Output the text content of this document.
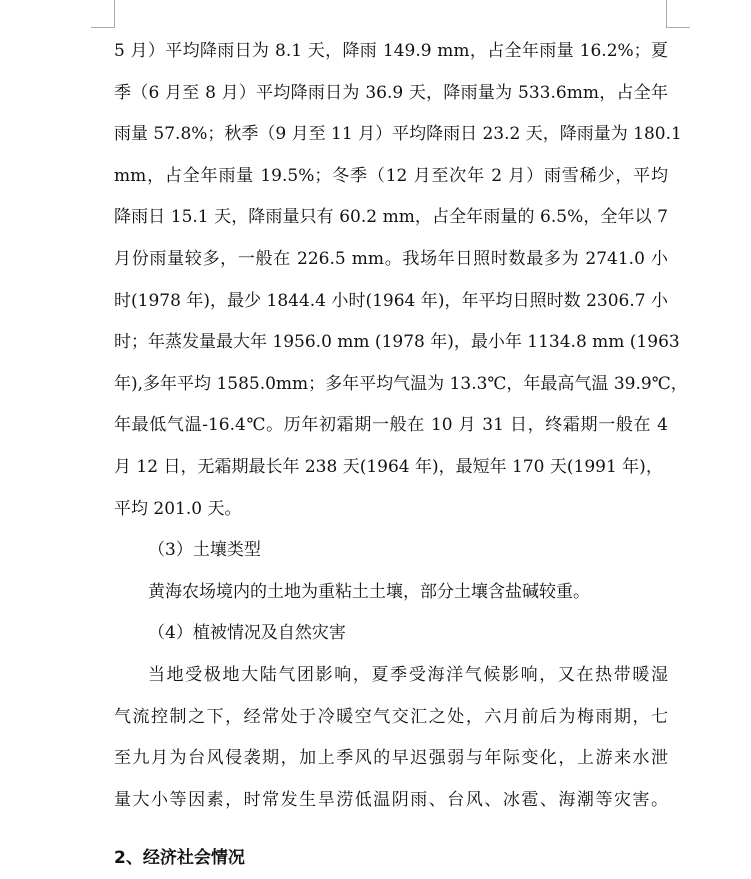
5 月）平均降雨日为 8.1 天，降雨 149.9 mm，占全年雨量 16.2%；夏
季（6 月至 8 月）平均降雨日为 36.9 天，降雨量为 533.6mm，占全年
雨量 57.8%；秋季（9 月至 11 月）平均降雨日 23.2 天，降雨量为 180.1
mm，占全年雨量 19.5%；冬季（12 月至次年 2 月）雨雪稀少，平均
降雨日 15.1 天，降雨量只有 60.2 mm，占全年雨量的 6.5%，全年以 7
月份雨量较多，一般在 226.5 mm。我场年日照时数最多为 2741.0 小
时(1978 年)，最少 1844.4 小时(1964 年)，年平均日照时数 2306.7 小
时；年蒸发量最大年 1956.0 mm (1978 年)，最小年 1134.8 mm (1963
年),多年平均 1585.0mm；多年平均气温为 13.3℃，年最高气温 39.9℃，
年最低气温-16.4℃。历年初霜期一般在 10 月 31 日，终霜期一般在 4
月 12 日，无霜期最长年 238 天(1964 年)，最短年 170 天(1991 年)，
平均 201.0 天。
（3）土壤类型
黄海农场境内的土地为重粘土土壤，部分土壤含盐碱较重。
（4）植被情况及自然灾害
当地受极地大陆气团影响，夏季受海洋气候影响，又在热带暖湿
气流控制之下，经常处于冷暖空气交汇之处，六月前后为梅雨期，七
至九月为台风侵袭期，加上季风的早迟强弱与年际变化，上游来水泄
量大小等因素，时常发生旱涝低温阴雨、台风、冰雹、海潮等灾害。
2、经济社会情况
